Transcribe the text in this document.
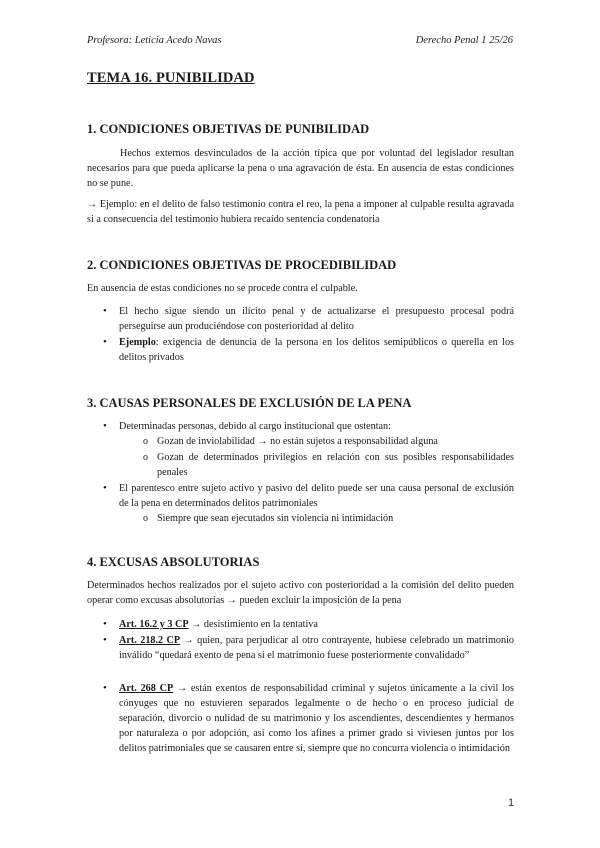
Profesora: Leticia Acedo Navas	Derecho Penal 1 25/26
TEMA 16. PUNIBILIDAD
1. CONDICIONES OBJETIVAS DE PUNIBILIDAD
Hechos externos desvinculados de la acción típica que por voluntad del legislador resultan necesarios para que pueda aplicarse la pena o una agravación de ésta. En ausencia de estas condiciones no se pune.
→ Ejemplo: en el delito de falso testimonio contra el reo, la pena a imponer al culpable resulta agravada si a consecuencia del testimonio hubiera recaído sentencia condenatoria
2. CONDICIONES OBJETIVAS DE PROCEDIBILIDAD
En ausencia de estas condiciones no se procede contra el culpable.
• El hecho sigue siendo un ilícito penal y de actualizarse el presupuesto procesal podrá perseguirse aun produciéndose con posterioridad al delito
• Ejemplo: exigencia de denuncia de la persona en los delitos semipúblicos o querella en los delitos privados
3. CAUSAS PERSONALES DE EXCLUSIÓN DE LA PENA
• Determinadas personas, debido al cargo institucional que ostentan:
o Gozan de inviolabilidad → no están sujetos a responsabilidad alguna
o Gozan de determinados privilegios en relación con sus posibles responsabilidades penales
• El parentesco entre sujeto activo y pasivo del delito puede ser una causa personal de exclusión de la pena en determinados delitos patrimoniales
o Siempre que sean ejecutados sin violencia ni intimidación
4. EXCUSAS ABSOLUTORIAS
Determinados hechos realizados por el sujeto activo con posterioridad a la comisión del delito pueden operar como excusas absolutorias → pueden excluir la imposición de la pena
• Art. 16.2 y 3 CP → desistimiento en la tentativa
• Art. 218.2 CP → quien, para perjudicar al otro contrayente, hubiese celebrado un matrimonio inválido “quedará exento de pena si el matrimonio fuese posteriormente convalidado”
• Art. 268 CP → están exentos de responsabilidad criminal y sujetos únicamente a la civil los cónyuges que no estuvieren separados legalmente o de hecho o en proceso judicial de separación, divorcio o nulidad de su matrimonio y los ascendientes, descendientes y hermanos por naturaleza o por adopción, así como los afines a primer grado si viviesen juntos por los delitos patrimoniales que se causaren entre sí, siempre que no concurra violencia o intimidación
1
